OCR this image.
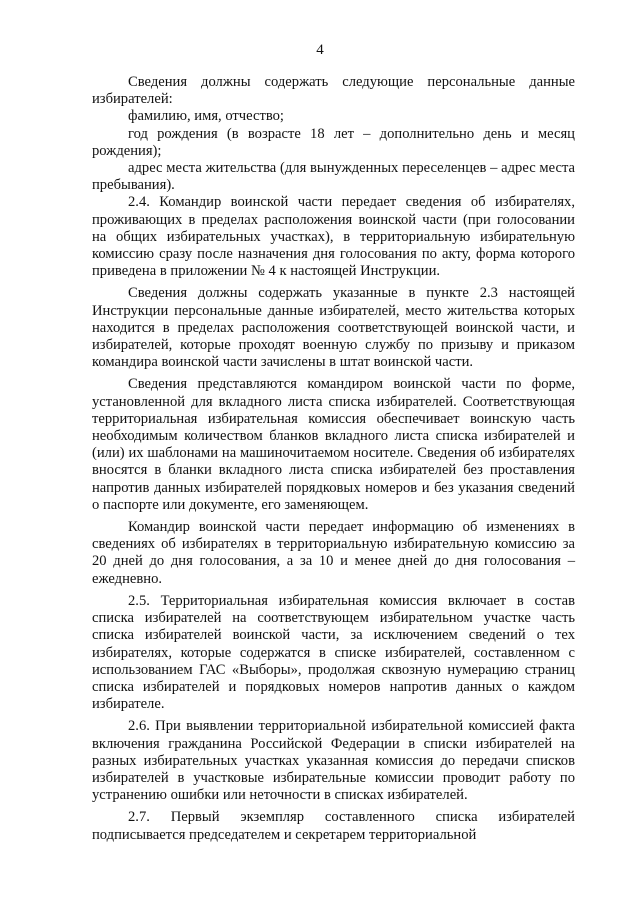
4

Сведения должны содержать следующие персональные данные избирателей:

фамилию, имя, отчество;

год рождения (в возрасте 18 лет – дополнительно день и месяц рождения);

адрес места жительства (для вынужденных переселенцев – адрес места пребывания).

2.4. Командир воинской части передает сведения об избирателях, проживающих в пределах расположения воинской части (при голосовании на общих избирательных участках), в территориальную избирательную комиссию сразу после назначения дня голосования по акту, форма которого приведена в приложении № 4 к настоящей Инструкции.

Сведения должны содержать указанные в пункте 2.3 настоящей Инструкции персональные данные избирателей, место жительства которых находится в пределах расположения соответствующей воинской части, и избирателей, которые проходят военную службу по призыву и приказом командира воинской части зачислены в штат воинской части.

Сведения представляются командиром воинской части по форме, установленной для вкладного листа списка избирателей. Соответствующая территориальная избирательная комиссия обеспечивает воинскую часть необходимым количеством бланков вкладного листа списка избирателей и (или) их шаблонами на машиночитаемом носителе. Сведения об избирателях вносятся в бланки вкладного листа списка избирателей без проставления напротив данных избирателей порядковых номеров и без указания сведений о паспорте или документе, его заменяющем.

Командир воинской части передает информацию об изменениях в сведениях об избирателях в территориальную избирательную комиссию за 20 дней до дня голосования, а за 10 и менее дней до дня голосования – ежедневно.

2.5. Территориальная избирательная комиссия включает в состав списка избирателей на соответствующем избирательном участке часть списка избирателей воинской части, за исключением сведений о тех избирателях, которые содержатся в списке избирателей, составленном с использованием ГАС «Выборы», продолжая сквозную нумерацию страниц списка избирателей и порядковых номеров напротив данных о каждом избирателе.

2.6. При выявлении территориальной избирательной комиссией факта включения гражданина Российской Федерации в списки избирателей на разных избирательных участках указанная комиссия до передачи списков избирателей в участковые избирательные комиссии проводит работу по устранению ошибки или неточности в списках избирателей.

2.7. Первый экземпляр составленного списка избирателей подписывается председателем и секретарем территориальной
